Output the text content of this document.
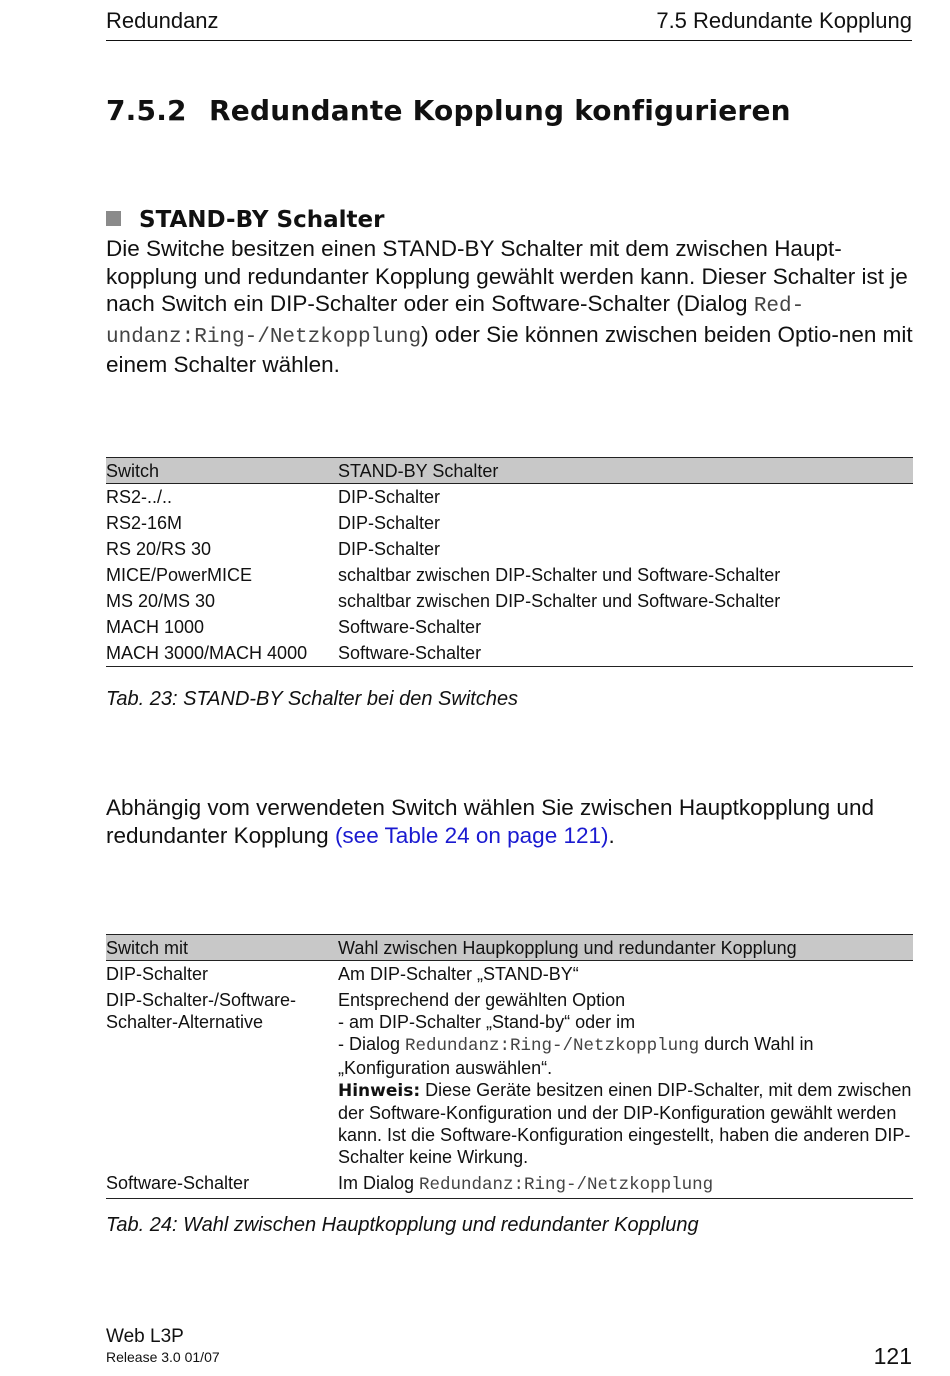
Redundanz	7.5 Redundante Kopplung
7.5.2 Redundante Kopplung konfigurieren
STAND-BY Schalter
Die Switche besitzen einen STAND-BY Schalter mit dem zwischen Haupt-kopplung und redundanter Kopplung gewählt werden kann. Dieser Schalter ist je nach Switch ein DIP-Schalter oder ein Software-Schalter (Dialog Red-undanz:Ring-/Netzkopplung) oder Sie können zwischen beiden Optio-nen mit einem Schalter wählen.
Switch	STAND-BY Schalter
RS2-../..	DIP-Schalter
RS2-16M	DIP-Schalter
RS 20/RS 30	DIP-Schalter
MICE/PowerMICE	schaltbar zwischen DIP-Schalter und Software-Schalter
MS 20/MS 30	schaltbar zwischen DIP-Schalter und Software-Schalter
MACH 1000	Software-Schalter
MACH 3000/MACH 4000	Software-Schalter
Tab. 23: STAND-BY Schalter bei den Switches
Abhängig vom verwendeten Switch wählen Sie zwischen Hauptkopplung und redundanter Kopplung (see Table 24 on page 121).
Switch mit	Wahl zwischen Haupkopplung und redundanter Kopplung
DIP-Schalter	Am DIP-Schalter „STAND-BY“
DIP-Schalter-/Software-Schalter-Alternative	Entsprechend der gewählten Option
- am DIP-Schalter „Stand-by“ oder im
- Dialog Redundanz:Ring-/Netzkopplung durch Wahl in „Konfiguration auswählen“.
Hinweis: Diese Geräte besitzen einen DIP-Schalter, mit dem zwischen der Software-Konfiguration und der DIP-Konfiguration gewählt werden kann. Ist die Software-Konfiguration eingestellt, haben die anderen DIP-Schalter keine Wirkung.

Software-Schalter	Im Dialog Redundanz:Ring-/Netzkopplung
Tab. 24: Wahl zwischen Hauptkopplung und redundanter Kopplung
Web L3P
Release 3.0 01/07	121
